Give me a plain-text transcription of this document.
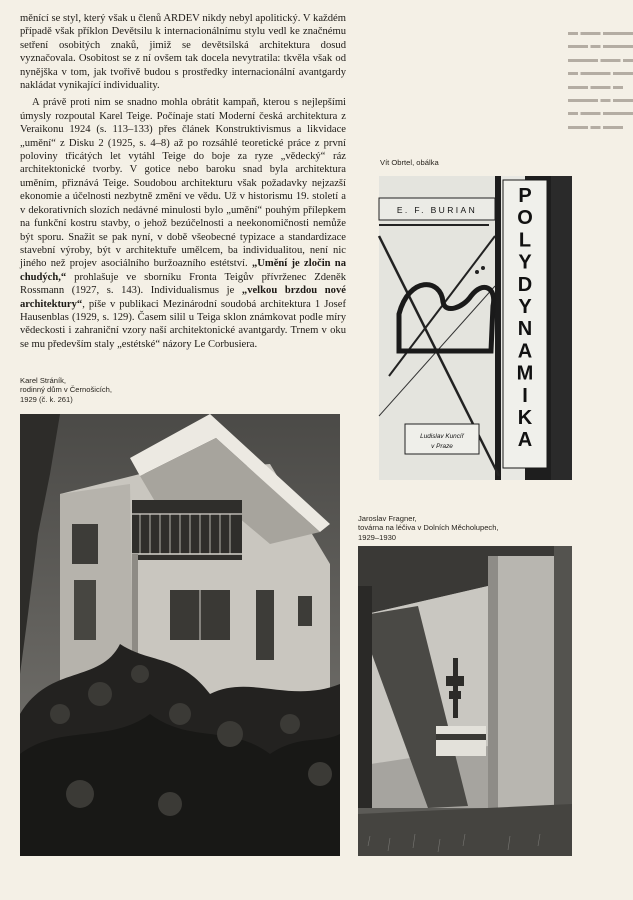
měnící se styl, který však u členů ARDEV nikdy nebyl apolitický. V každém případě však příklon Devětsilu k internacionálnímu stylu vedl ke značnému setření osobitých znaků, jimiž se devětsilská architektura dosud vyznačovala. Osobitost se z ní ovšem tak docela nevytratila: tkvěla však od nynějška v tom, jak tvořivě budou s prostředky internacionální avantgardy nakládat vynikající individuality.

A právě proti nim se snadno mohla obrátit kampaň, kterou s nejlepšími úmysly rozpoutal Karel Teige. Počínaje statí Moderní česká architektura z Veraikonu 1924 (s. 113–133) přes článek Konstruktivismus a likvidace „umění“ z Disku 2 (1925, s. 4–8) až po rozsáhlé teoretické práce z první poloviny třicátých let vytáhl Teige do boje za ryze „vědecký“ ráz architektonické tvorby. V gotice nebo baroku snad byla architektura uměním, přiznává Teige. Soudobou architekturu však požadavky nejzazší ekonomie a účelnosti nezbytně změní ve vědu. Už v historismu 19. století a v dekorativních slozích nedávné minulosti bylo „umění“ pouhým přílepkem na funkční kostru stavby, o jehož bezúčelnosti a neekonomičnosti nemůže být sporu. Snažit se pak nyní, v době všeobecné typizace a standardizace stavební výroby, být v architektuře umělcem, ba individualitou, není nic jiného než projev asociálního buržoazního estétství. „Umění je zločin na chudých,“ prohlašuje ve sborníku Fronta Teigův přívrženec Zdeněk Rossmann (1927, s. 143). Individualismus je „velkou brzdou nové architektury“, píše v publikaci Mezinárodní soudobá architektura 1 Josef Hausenblas (1929, s. 129). Časem silil u Teiga sklon známkovat podle míry vědeckosti i zahraniční vzory naší architektonické avantgardy. Trnem v oku se mu především staly „estétské“ názory Le Corbusiera.

▬ ▬▬ ▬▬▬
▬▬ ▬ ▬▬▬
▬▬▬ ▬▬ ▬
▬ ▬▬▬ ▬▬
▬▬ ▬▬ ▬
▬▬▬ ▬ ▬▬
▬ ▬▬ ▬▬▬
▬▬ ▬ ▬▬
Vít Obrtel, obálka
E. F. BURIAN
Ludislav Kuncíř
v Praze
P
O
L
Y
D
Y
N
A
M
I
K
A
Karel Stráník,
rodinný dům v Černošicích,
1929 (č. k. 261)
Jaroslav Fragner,
továrna na léčiva v Dolních Měcholupech,
1929–1930
